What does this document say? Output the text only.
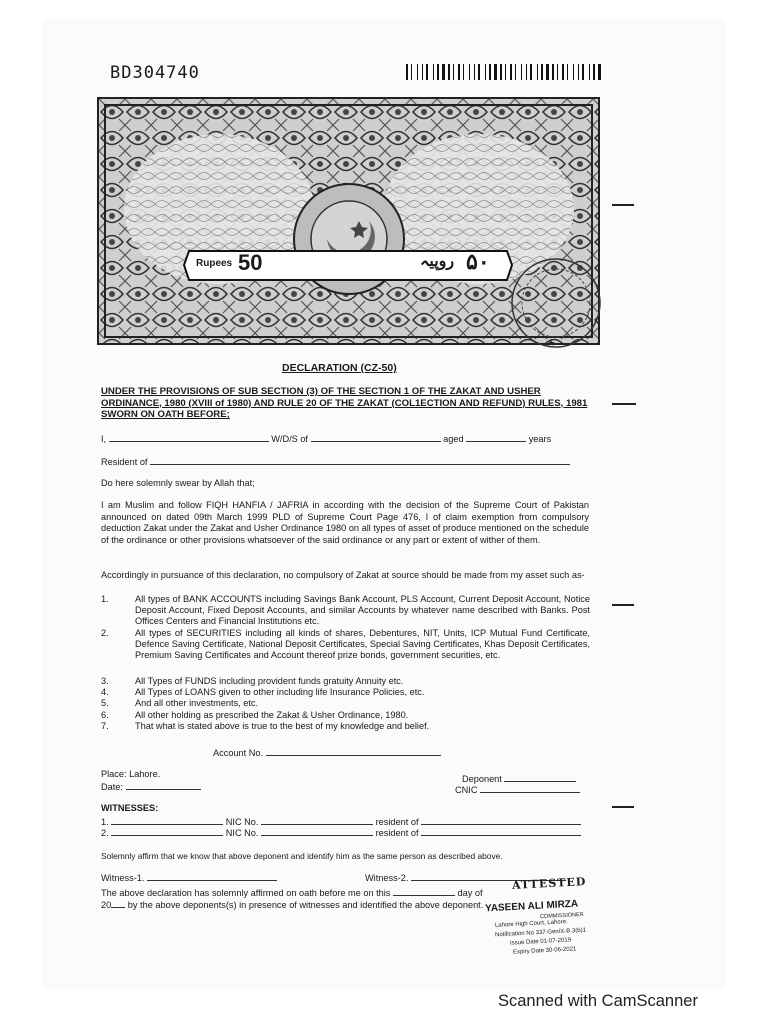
BD304740
Rupees 50	روپیہ ۵۰
DECLARATION (CZ-50)
UNDER THE PROVISIONS OF SUB SECTION (3) OF THE SECTION 1 OF THE ZAKAT AND USHER ORDINANCE, 1980 (XVIII of 1980) AND RULE 20 OF THE ZAKAT (COL1ECTION AND REFUND) RULES, 1981 SWORN ON OATH BEFORE;
I,	W/D/S of	aged	years
Resident of
Do here solemnly swear by Allah that;
I am Muslim and follow FIQH HANFIA / JAFRIA in according with the decision of the Supreme Court of Pakistan announced on dated 09th March 1999 PLD of Supreme Court Page 476, I of claim exemption from compulsory deduction Zakat under the Zakat and Usher Ordinance 1980 on all types of asset of produce mentioned on the schedule of the ordinance or other provisions whatsoever of the said ordinance or any part or extent of wither of them.
Accordingly in pursuance of this declaration, no compulsory of Zakat at source should be made from my asset such as-
1.	All types of BANK ACCOUNTS including Savings Bank Account, PLS Account, Current Deposit Account, Notice Deposit Account, Fixed Deposit Accounts, and similar Accounts by whatever name described with Banks. Post Offices Centers and Financial Institutions etc.
2.	All types of SECURITIES including all kinds of shares, Debentures, NIT, Units, ICP Mutual Fund Certificate, Defence Saving Certificate, National Deposit Certificates, Special Saving Certificates, Khas Deposit Certificates, Premium Saving Certificates and Account thereof prize bonds, government securities, etc.
3.	All Types of FUNDS including provident funds gratuity Annuity etc.
4.	All Types of LOANS given to other including life Insurance Policies, etc.
5.	And all other investments, etc.
6.	All other holding as prescribed the Zakat & Usher Ordinance, 1980.
7.	That what is stated above is true to the best of my knowledge and belief.
Account No.
Place: Lahore.
Date:
Deponent
CNIC
WITNESSES:
1.	NIC No.	resident of
2.	NIC No.	resident of
Solemnly affirm that we know that above deponent and identify him as the same person as described above.
Witness-1.	Witness-2.
The above declaration has solemnly affirmed on oath before me on this	day of
20 by the above deponents(s) in presence of witnesses and identified the above deponent.
ATTESTED
YASEEN ALI MIRZA
COMMISSIONER
Lahore High Court, Lahore.
Notification No 337 Gen/X-B.3(b)1
Issue Date 01-07-2019
Expiry Date 30-06-2021
Scanned with CamScanner
